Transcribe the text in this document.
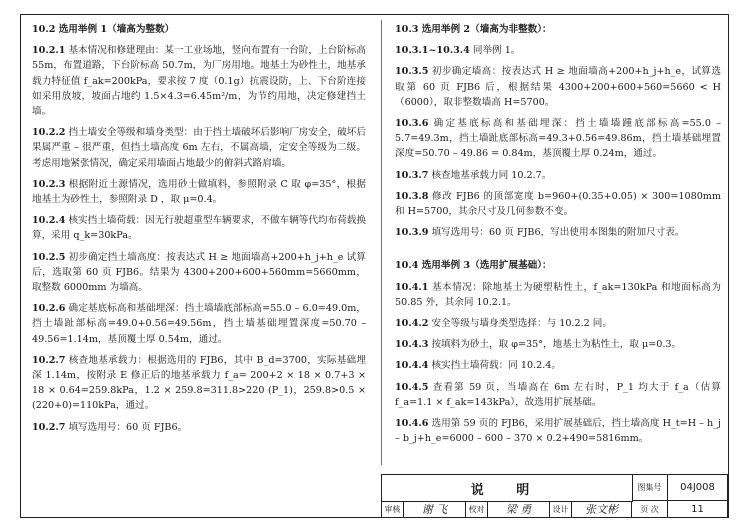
10.2 选用举例 1（墙高为整数）

10.2.1 基本情况和修建理由：某一工业场地，竖向布置有一台阶，上台阶标高 55m，布置道路，下台阶标高 50.7m，为厂房用地。地基土为砂性土，地基承载力特征值 f_ak=200kPa，要求按 7 度（0.1g）抗震设防，上、下台阶连接如采用放坡，坡面占地约 1.5×4.3=6.45m²/m，为节约用地，决定修建挡土墙。

10.2.2 挡土墙安全等级和墙身类型：由于挡土墙破坏后影响厂房安全，破坏后果属严重 – 很严重，但挡土墙高度 6m 左右，不属高墙，定安全等级为二级。考虑用地紧张情况，确定采用墙面占地最少的俯斜式路肩墙。

10.2.3 根据附近土源情况，选用砂土做填料，参照附录 C 取 φ=35°，根据地基土为砂性土，参照附录 D ，取 μ=0.4。

10.2.4 核实挡土墙荷载：因无行驶超重型车辆要求，不做车辆等代均布荷载换算，采用 q_k=30kPa。

10.2.5 初步确定挡土墙高度：按表达式 H ≥ 地面墙高+200+h_j+h_e 试算后，选取第 60 页 FJB6。结果为 4300+200+600+560mm=5660mm，取整数 6000mm 为墙高。

10.2.6 确定基底标高和基础埋深：挡土墙墙底部标高=55.0 – 6.0=49.0m，挡土墙趾部标高=49.0+0.56=49.56m，挡土墙基础埋置深度=50.70 – 49.56=1.14m，基顶覆土厚 0.54m，通过。

10.2.7 核查地基承载力：根据选用的 FJB6，其中 B_d=3700，实际基础埋深 1.14m，按附录 E 修正后的地基承载力 f_a= 200+2 × 18 × 0.7+3 × 18 × 0.64=259.8kPa，1.2 × 259.8=311.8>220 (P_1)，259.8>0.5 × (220+0)=110kPa，通过。

10.2.7 填写选用号：60 页 FJB6。

10.3 选用举例 2（墙高为非整数）：

10.3.1~10.3.4 同举例 1。

10.3.5 初步确定墙高：按表达式 H ≥ 地面墙高+200+h_j+h_e，试算选取第 60 页 FJB6 后，根据结果 4300+200+600+560=5660 < H（6000），取非整数墙高 H=5700。

10.3.6 确定基底标高和基础埋深：挡土墙墙踵底部标高=55.0 – 5.7=49.3m，挡土墙趾底部标高=49.3+0.56=49.86m，挡土墙基础埋置深度=50.70 – 49.86 = 0.84m，基顶覆土厚 0.24m，通过。

10.3.7 核查地基承载力同 10.2.7。

10.3.8 修改 FJB6 的顶部宽度 b=960+(0.35+0.05) × 300=1080mm 和 H=5700，其余尺寸及几何参数不变。

10.3.9 填写选用号：60 页 FJB6，写出使用本图集的附加尺寸表。

10.4 选用举例 3（选用扩展基础）：

10.4.1 基本情况：除地基土为硬塑粘性土，f_ak=130kPa 和地面标高为 50.85 外，其余同 10.2.1。

10.4.2 安全等级与墙身类型选择：与 10.2.2 同。

10.4.3 按填料为砂土，取 φ=35°，地基土为粘性土，取 μ=0.3。

10.4.4 核实挡土墙荷载：同 10.2.4。

10.4.5 查看第 59 页，当墙高在 6m 左右时，P_1 均大于 f_a（估算 f_a=1.1 × f_ak=143kPa），故选用扩展基础。

10.4.6 选用第 59 页的 FJB6，采用扩展基础后，挡土墙高度 H_t=H – h_j – b_j+h_e=6000 – 600 – 370 × 0.2+490=5816mm。

说 明	图集号	04J008
审核	谢 飞	校对	梁 勇	设计	张文彬	页 次	11
